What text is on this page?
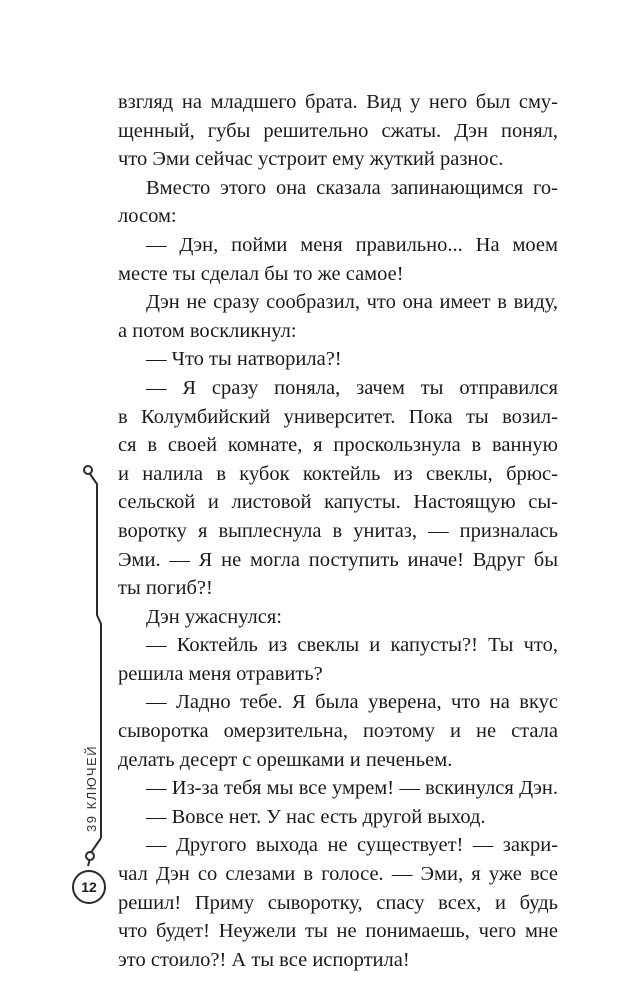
39 КЛЮЧЕЙ
12
взгляд на младшего брата. Вид у него был сму-
щенный, губы решительно сжаты. Дэн понял,
что Эми сейчас устроит ему жуткий разнос.
Вместо этого она сказала запинающимся го-
лосом:
— Дэн, пойми меня правильно... На моем
месте ты сделал бы то же самое!
Дэн не сразу сообразил, что она имеет в виду,
а потом воскликнул:
— Что ты натворила?!
— Я сразу поняла, зачем ты отправился
в Колумбийский университет. Пока ты возил-
ся в своей комнате, я проскользнула в ванную
и налила в кубок коктейль из свеклы, брюс-
сельской и листовой капусты. Настоящую сы-
воротку я выплеснула в унитаз, — призналась
Эми. — Я не могла поступить иначе! Вдруг бы
ты погиб?!
Дэн ужаснулся:
— Коктейль из свеклы и капусты?! Ты что,
решила меня отравить?
— Ладно тебе. Я была уверена, что на вкус
сыворотка омерзительна, поэтому и не стала
делать десерт с орешками и печеньем.
— Из-за тебя мы все умрем! — вскинулся Дэн.
— Вовсе нет. У нас есть другой выход.
— Другого выхода не существует! — закри-
чал Дэн со слезами в голосе. — Эми, я уже все
решил! Приму сыворотку, спасу всех, и будь
что будет! Неужели ты не понимаешь, чего мне
это стоило?! А ты все испортила!
